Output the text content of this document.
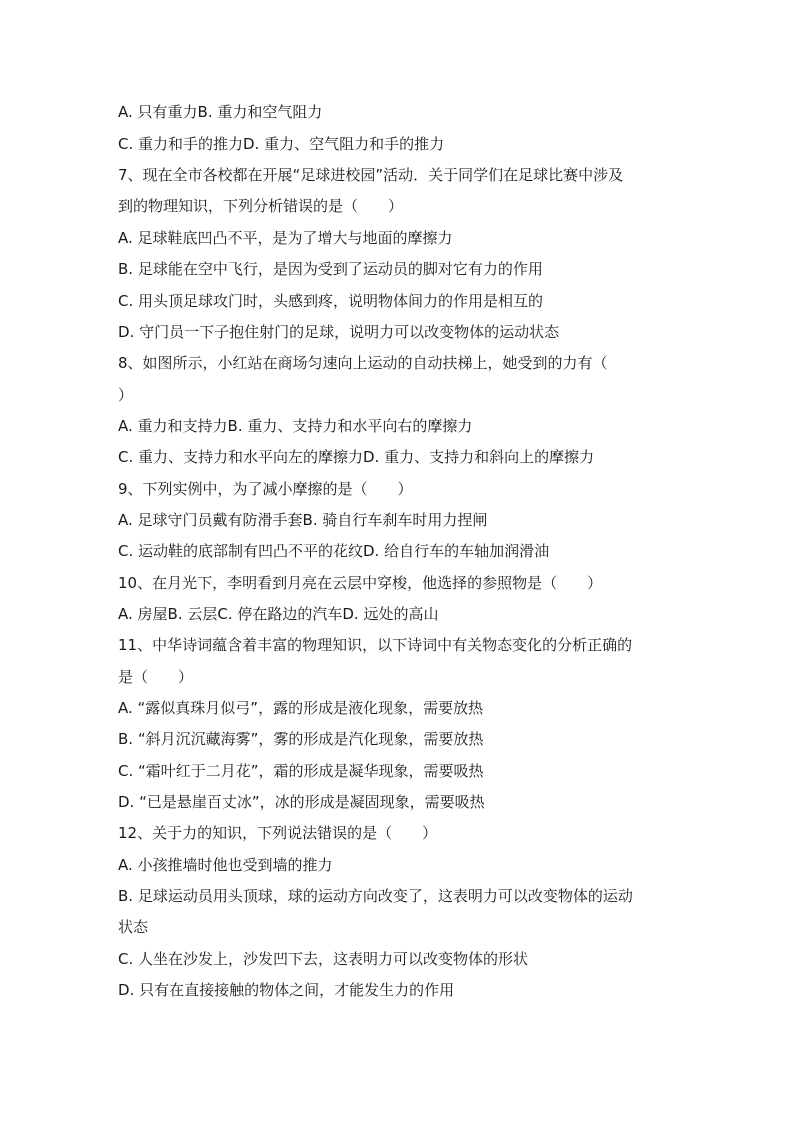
A. 只有重力B. 重力和空气阻力
C. 重力和手的推力D. 重力、空气阻力和手的推力
7、现在全市各校都在开展“足球进校园”活动．关于同学们在足球比赛中涉及
到的物理知识，下列分析错误的是（　　）
A. 足球鞋底凹凸不平，是为了增大与地面的摩擦力
B. 足球能在空中飞行，是因为受到了运动员的脚对它有力的作用
C. 用头顶足球攻门时，头感到疼，说明物体间力的作用是相互的
D. 守门员一下子抱住射门的足球，说明力可以改变物体的运动状态
8、如图所示，小红站在商场匀速向上运动的自动扶梯上，她受到的力有（
）
A. 重力和支持力B. 重力、支持力和水平向右的摩擦力
C. 重力、支持力和水平向左的摩擦力D. 重力、支持力和斜向上的摩擦力
9、下列实例中，为了减小摩擦的是（　　）
A. 足球守门员戴有防滑手套B. 骑自行车刹车时用力捏闸
C. 运动鞋的底部制有凹凸不平的花纹D. 给自行车的车轴加润滑油
10、在月光下，李明看到月亮在云层中穿梭，他选择的参照物是（　　）
A. 房屋B. 云层C. 停在路边的汽车D. 远处的高山
11、中华诗词蕴含着丰富的物理知识，以下诗词中有关物态变化的分析正确的
是（　　）
A. “露似真珠月似弓”，露的形成是液化现象，需要放热
B. “斜月沉沉藏海雾”，雾的形成是汽化现象，需要放热
C. “霜叶红于二月花”，霜的形成是凝华现象，需要吸热
D. “已是悬崖百丈冰”，冰的形成是凝固现象，需要吸热
12、关于力的知识，下列说法错误的是（　　）
A. 小孩推墙时他也受到墙的推力
B. 足球运动员用头顶球，球的运动方向改变了，这表明力可以改变物体的运动
状态
C. 人坐在沙发上，沙发凹下去，这表明力可以改变物体的形状
D. 只有在直接接触的物体之间，才能发生力的作用
